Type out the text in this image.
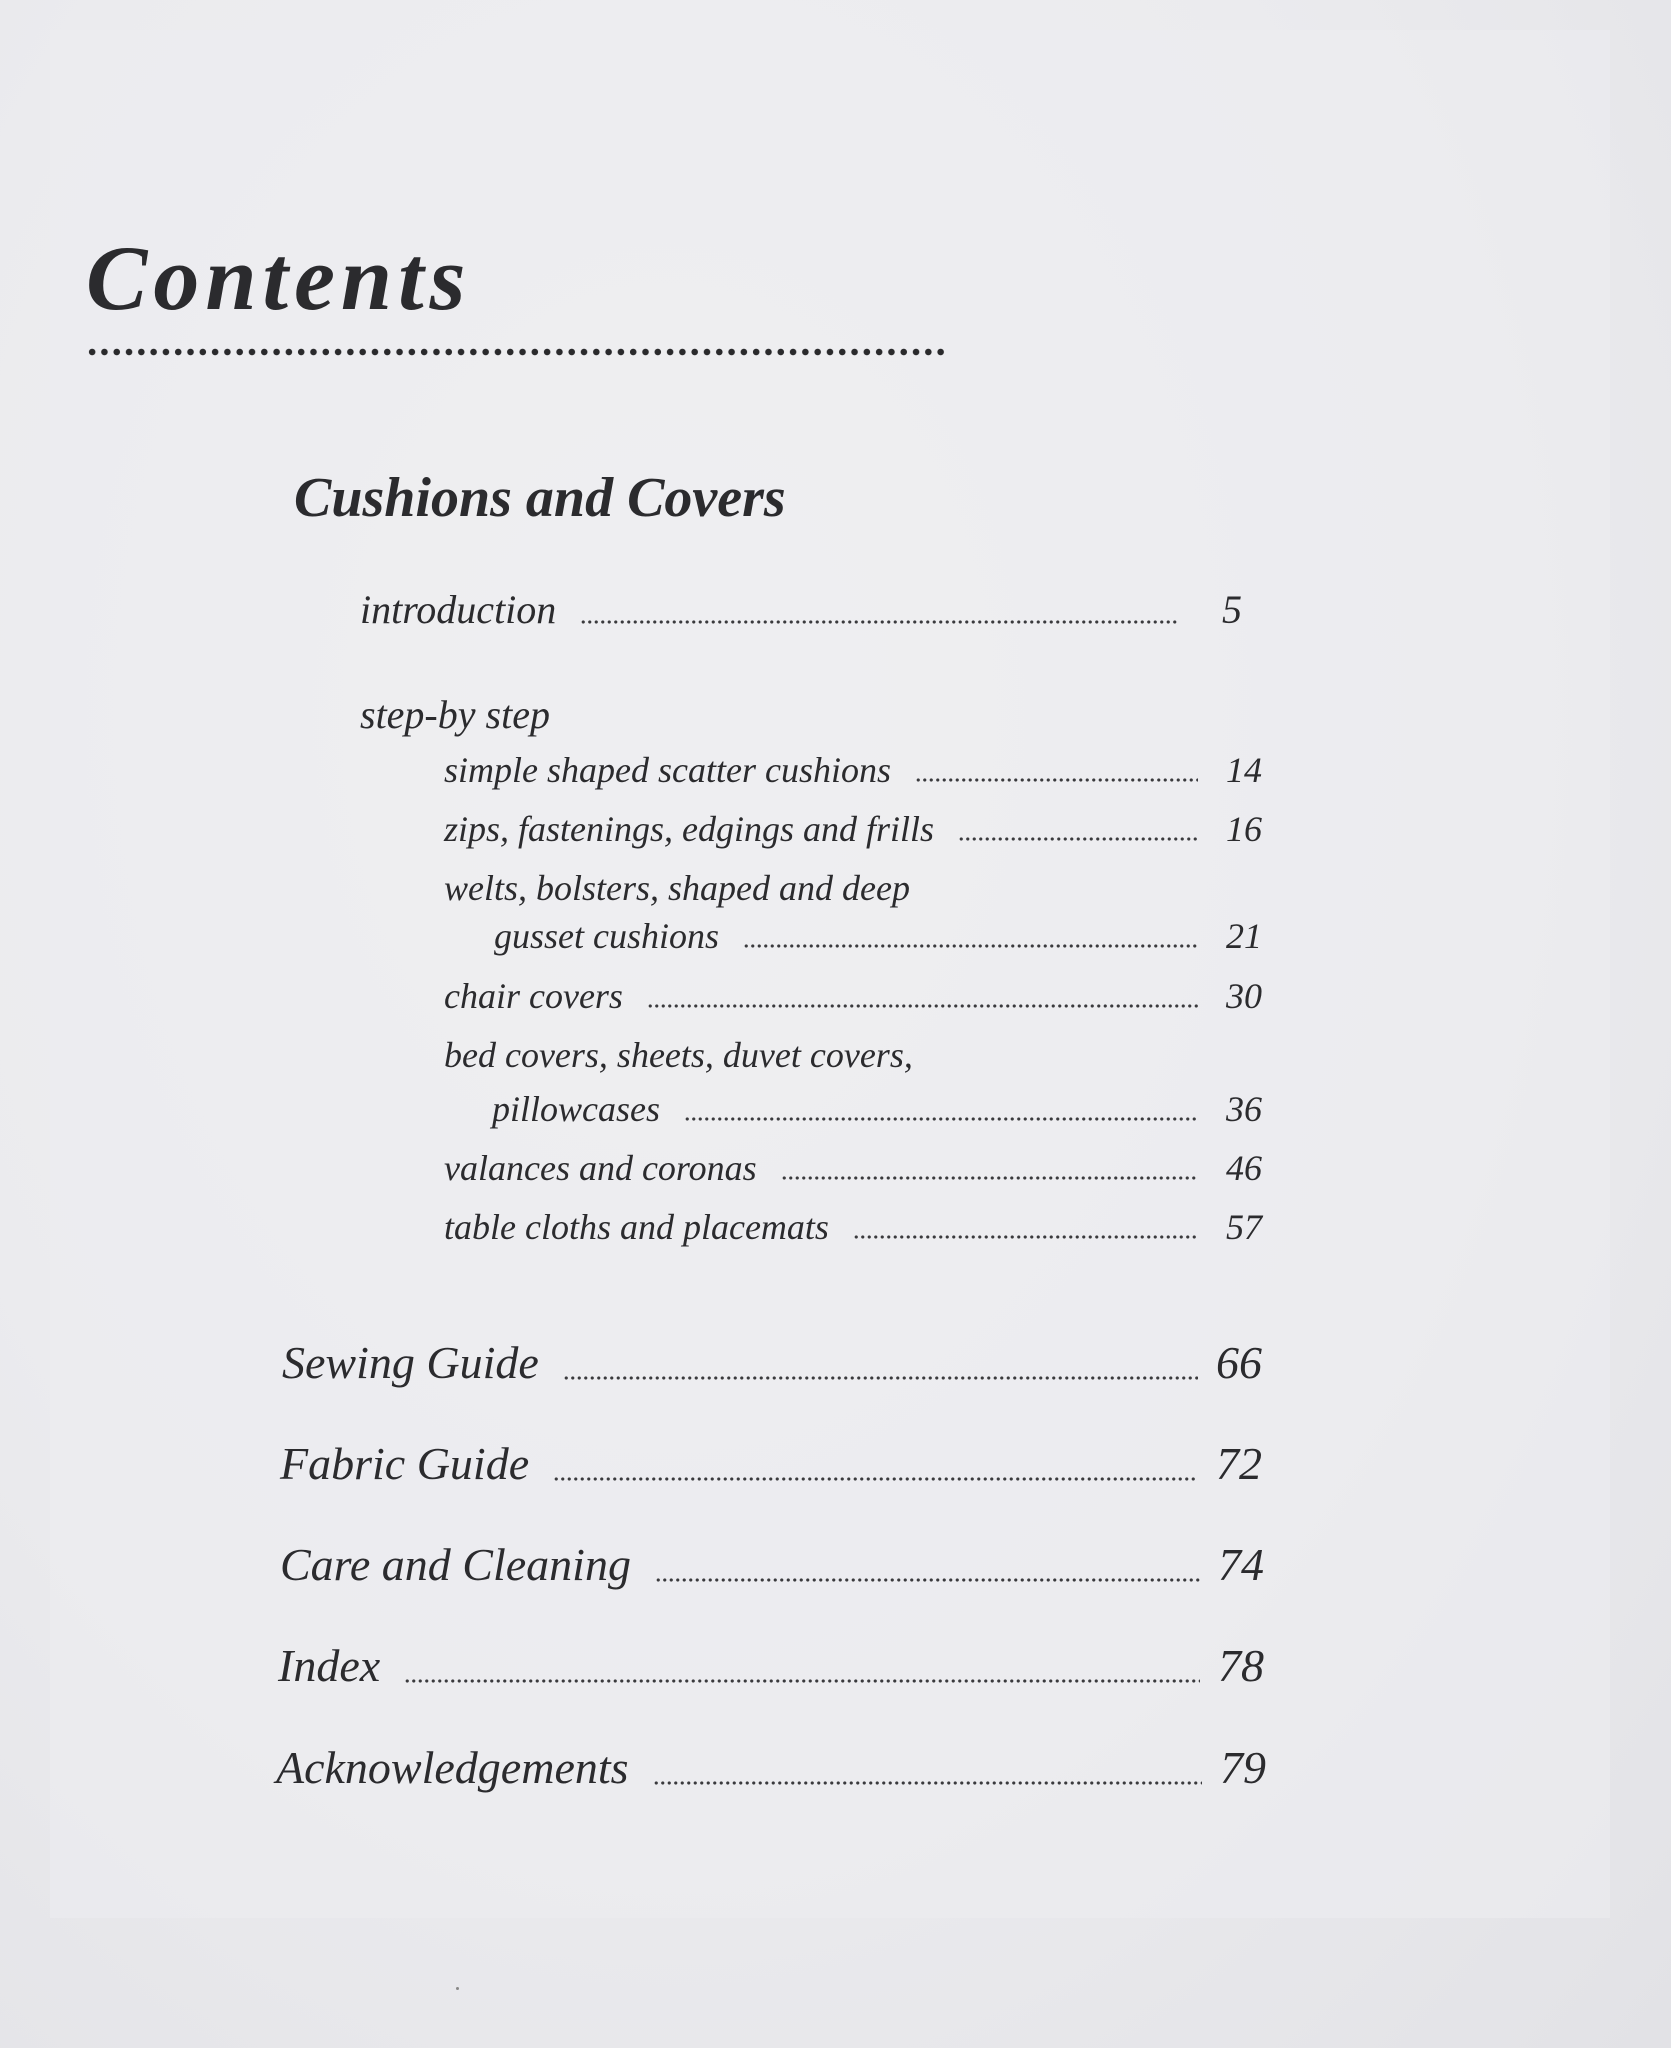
Contents
Cushions and Covers
introduction	5
step-by step
simple shaped scatter cushions	14
zips, fastenings, edgings and frills	16
welts, bolsters, shaped and deep
gusset cushions	21
chair covers	30
bed covers, sheets, duvet covers,
pillowcases	36
valances and coronas	46
table cloths and placemats	57
Sewing Guide	66
Fabric Guide	72
Care and Cleaning	74
Index	78
Acknowledgements	79
